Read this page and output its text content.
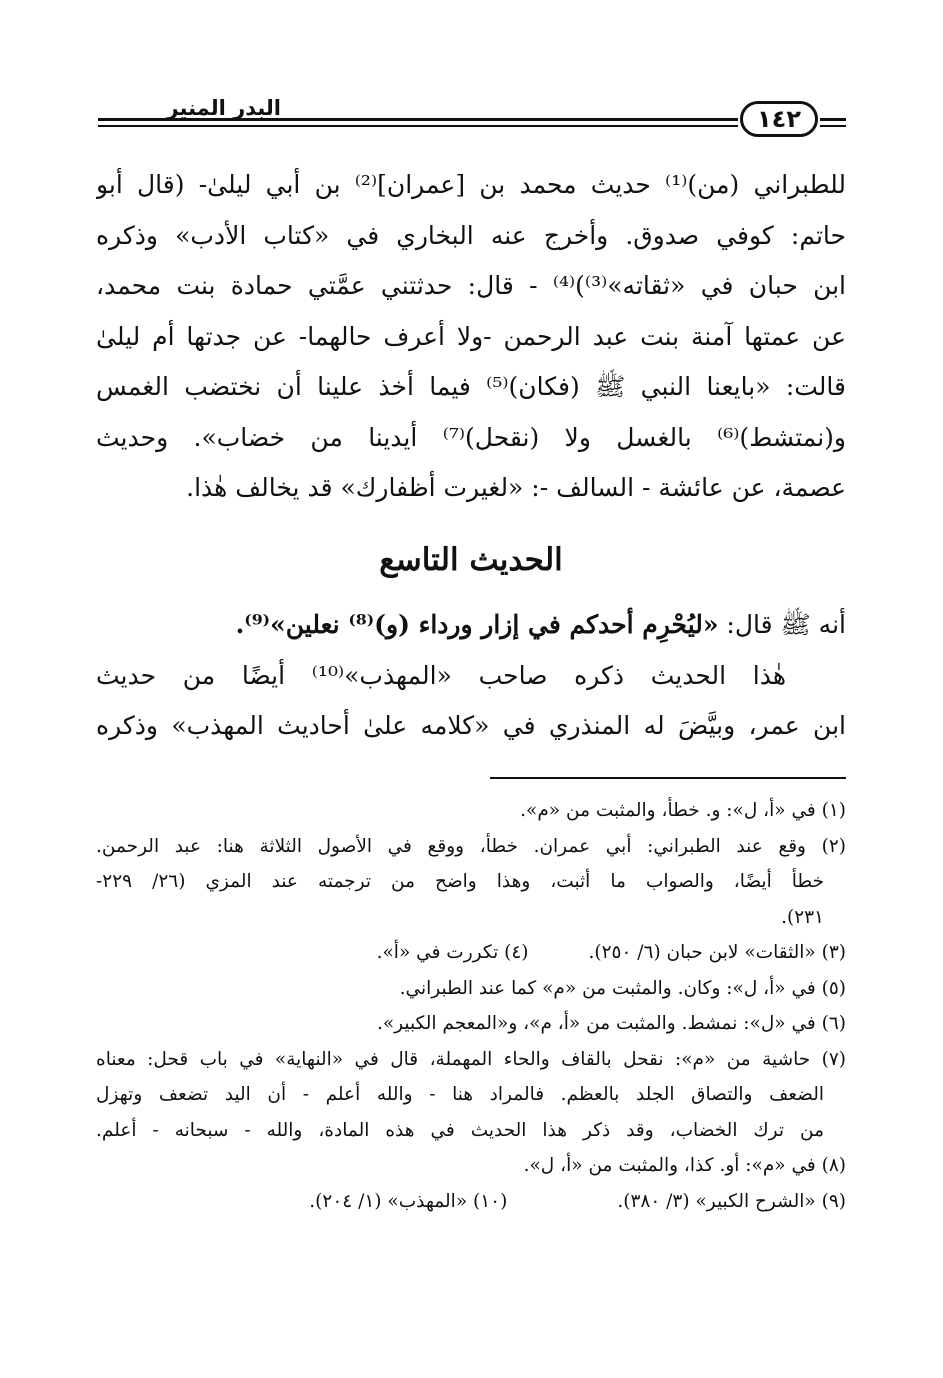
البدر المنير	١٤٢
للطبراني (من)⁽¹⁾ حديث محمد بن [عمران]⁽²⁾ بن أبي ليلىٰ- (قال أبو
حاتم: كوفي صدوق. وأخرج عنه البخاري في «كتاب الأدب» وذكره
ابن حبان في «ثقاته»⁽³⁾)⁽⁴⁾ - قال: حدثتني عمَّتي حمادة بنت محمد،
عن عمتها آمنة بنت عبد الرحمن -ولا أعرف حالهما- عن جدتها أم ليلىٰ
قالت: «بايعنا النبي ﷺ (فكان)⁽⁵⁾ فيما أخذ علينا أن نختضب الغمس
و(نمتشط)⁽⁶⁾ بالغسل ولا (نقحل)⁽⁷⁾ أيدينا من خضاب». وحديث
عصمة، عن عائشة - السالف -: «لغيرت أظفارك» قد يخالف هٰذا.
الحديث التاسع
أنه ﷺ قال: «ليُحْرِم أحدكم في إزار ورداء (و)⁽⁸⁾ نعلين»⁽⁹⁾.
هٰذا الحديث ذكره صاحب «المهذب»⁽¹⁰⁾ أيضًا من حديث
ابن عمر، وبيَّضَ له المنذري في «كلامه علىٰ أحاديث المهذب» وذكره
(١) في «أ، ل»: و. خطأ، والمثبت من «م».
(٢) وقع عند الطبراني: أبي عمران. خطأ، ووقع في الأصول الثلاثة هنا: عبد الرحمن.
خطأ أيضًا، والصواب ما أثبت، وهذا واضح من ترجمته عند المزي (٢٦/ ٢٢٩-
٢٣١).
(٣) «الثقات» لابن حبان (٦/ ٢٥٠).(٤) تكررت في «أ».
(٥) في «أ، ل»: وكان. والمثبت من «م» كما عند الطبراني.
(٦) في «ل»: نمشط. والمثبت من «أ، م»، و«المعجم الكبير».
(٧) حاشية من «م»: نقحل بالقاف والحاء المهملة، قال في «النهاية» في باب قحل: معناه
الضعف والتصاق الجلد بالعظم. فالمراد هنا - والله أعلم - أن اليد تضعف وتهزل
من ترك الخضاب، وقد ذكر هذا الحديث في هذه المادة، والله - سبحانه - أعلم.
(٨) في «م»: أو. كذا، والمثبت من «أ، ل».
(٩) «الشرح الكبير» (٣/ ٣٨٠).(١٠) «المهذب» (١/ ٢٠٤).
